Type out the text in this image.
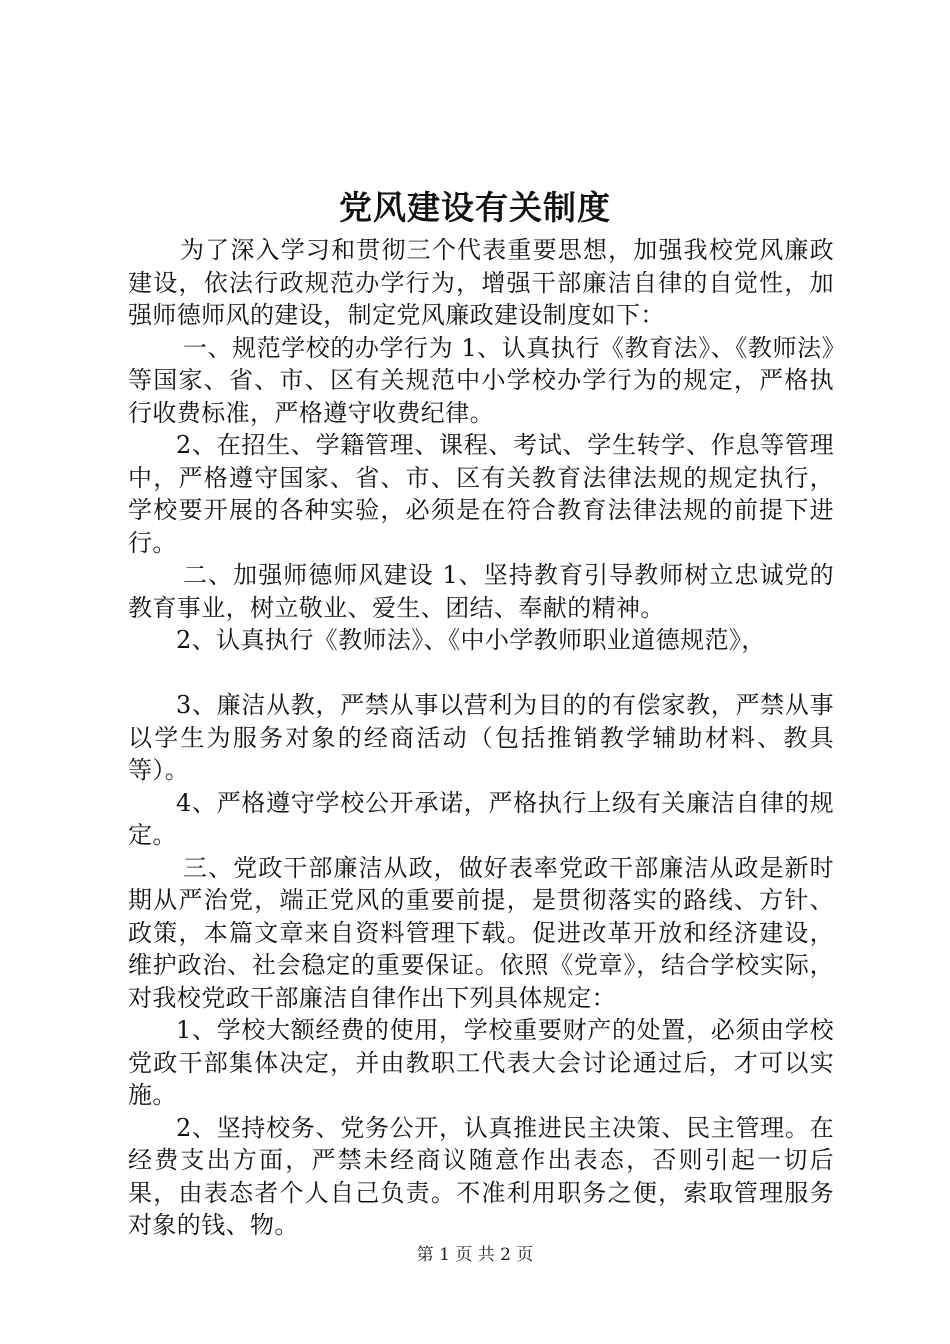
党风建设有关制度

为了深入学习和贯彻三个代表重要思想，加强我校党风廉政建设，依法行政规范办学行为，增强干部廉洁自律的自觉性，加强师德师风的建设，制定党风廉政建设制度如下：

一、规范学校的办学行为 1、认真执行《教育法》、《教师法》等国家、省、市、区有关规范中小学校办学行为的规定，严格执行收费标准，严格遵守收费纪律。

2、在招生、学籍管理、课程、考试、学生转学、作息等管理中，严格遵守国家、省、市、区有关教育法律法规的规定执行，学校要开展的各种实验，必须是在符合教育法律法规的前提下进行。

二、加强师德师风建设 1、坚持教育引导教师树立忠诚党的教育事业，树立敬业、爱生、团结、奉献的精神。

2、认真执行《教师法》、《中小学教师职业道德规范》，

3、廉洁从教，严禁从事以营利为目的的有偿家教，严禁从事以学生为服务对象的经商活动（包括推销教学辅助材料、教具等）。

4、严格遵守学校公开承诺，严格执行上级有关廉洁自律的规定。

三、党政干部廉洁从政，做好表率党政干部廉洁从政是新时期从严治党，端正党风的重要前提，是贯彻落实的路线、方针、政策，本篇文章来自资料管理下载。促进改革开放和经济建设，维护政治、社会稳定的重要保证。依照《党章》，结合学校实际，对我校党政干部廉洁自律作出下列具体规定：

1、学校大额经费的使用，学校重要财产的处置，必须由学校党政干部集体决定，并由教职工代表大会讨论通过后，才可以实施。

2、坚持校务、党务公开，认真推进民主决策、民主管理。在经费支出方面，严禁未经商议随意作出表态，否则引起一切后果，由表态者个人自己负责。不准利用职务之便，索取管理服务对象的钱、物。

第 1 页 共 2 页
